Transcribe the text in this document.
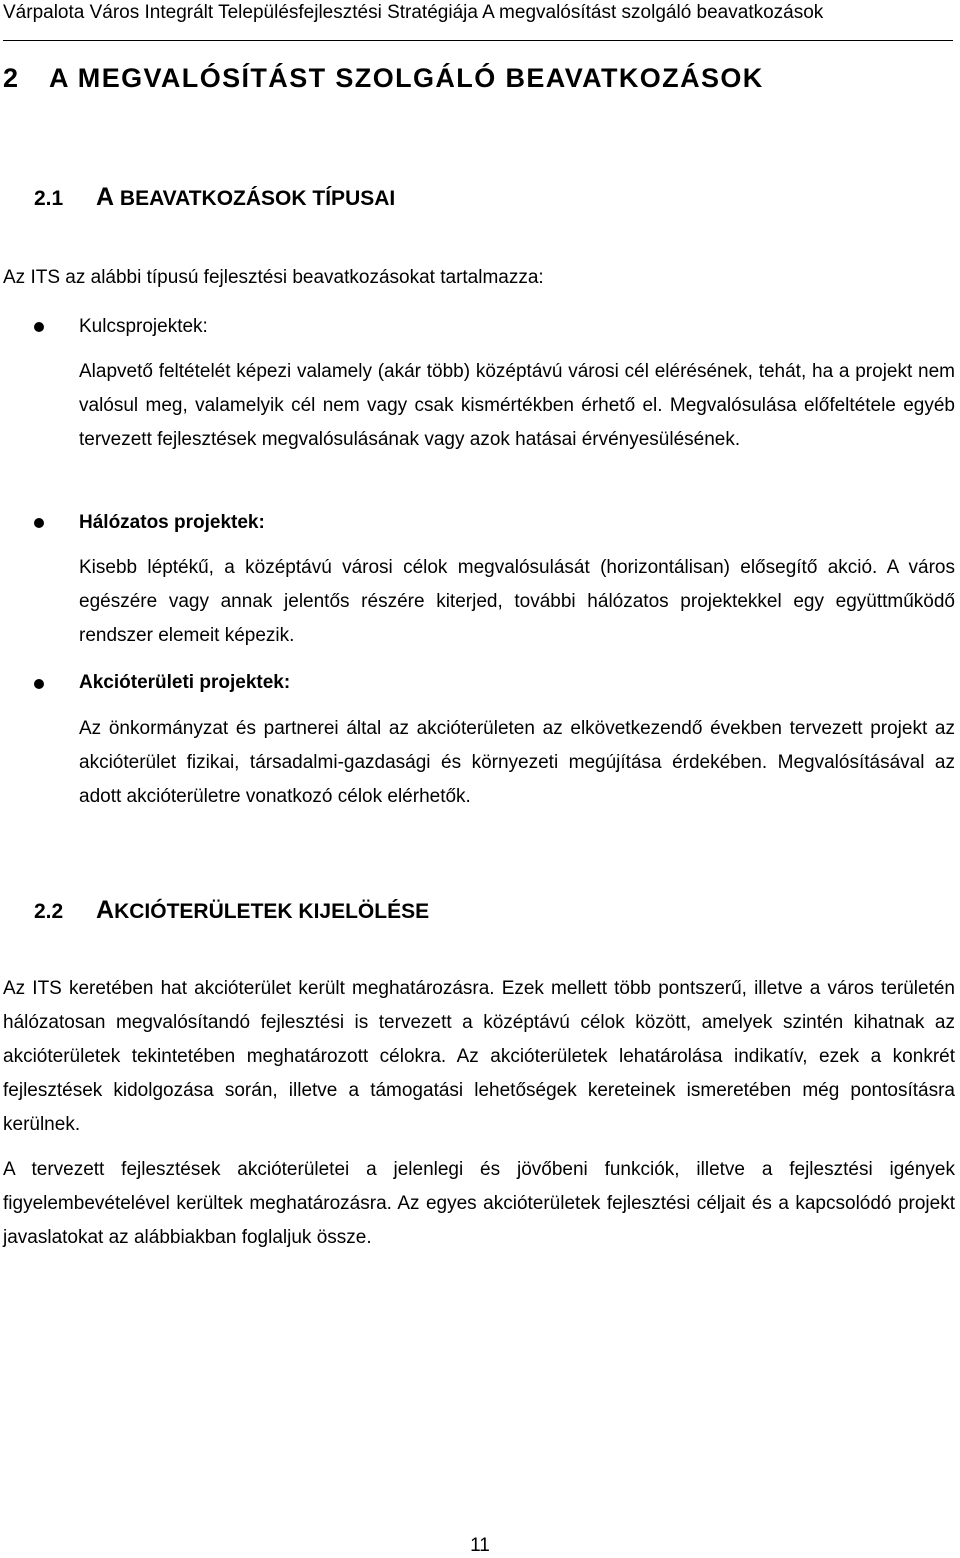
Várpalota Város Integrált Településfejlesztési Stratégiája A megvalósítást szolgáló beavatkozások
2 A MEGVALÓSÍTÁST SZOLGÁLÓ BEAVATKOZÁSOK
2.1 A BEAVATKOZÁSOK TÍPUSAI
Az ITS az alábbi típusú fejlesztési beavatkozásokat tartalmazza:
Kulcsprojektek:
Alapvető feltételét képezi valamely (akár több) középtávú városi cél elérésének, tehát, ha a projekt nem valósul meg, valamelyik cél nem vagy csak kismértékben érhető el. Megvalósulása előfeltétele egyéb tervezett fejlesztések megvalósulásának vagy azok hatásai érvényesülésének.
Hálózatos projektek:
Kisebb léptékű, a középtávú városi célok megvalósulását (horizontálisan) elősegítő akció. A város egészére vagy annak jelentős részére kiterjed, további hálózatos projektekkel egy együttműködő rendszer elemeit képezik.
Akcióterületi projektek:
Az önkormányzat és partnerei által az akcióterületen az elkövetkezendő években tervezett projekt az akcióterület fizikai, társadalmi-gazdasági és környezeti megújítása érdekében. Megvalósításával az adott akcióterületre vonatkozó célok elérhetők.
2.2 AKCIÓTERÜLETEK KIJELÖLÉSE
Az ITS keretében hat akcióterület került meghatározásra. Ezek mellett több pontszerű, illetve a város területén hálózatosan megvalósítandó fejlesztési is tervezett a középtávú célok között, amelyek szintén kihatnak az akcióterületek tekintetében meghatározott célokra. Az akcióterületek lehatárolása indikatív, ezek a konkrét fejlesztések kidolgozása során, illetve a támogatási lehetőségek kereteinek ismeretében még pontosításra kerülnek.
A tervezett fejlesztések akcióterületei a jelenlegi és jövőbeni funkciók, illetve a fejlesztési igények figyelembevételével kerültek meghatározásra. Az egyes akcióterületek fejlesztési céljait és a kapcsolódó projekt javaslatokat az alábbiakban foglaljuk össze.
11
